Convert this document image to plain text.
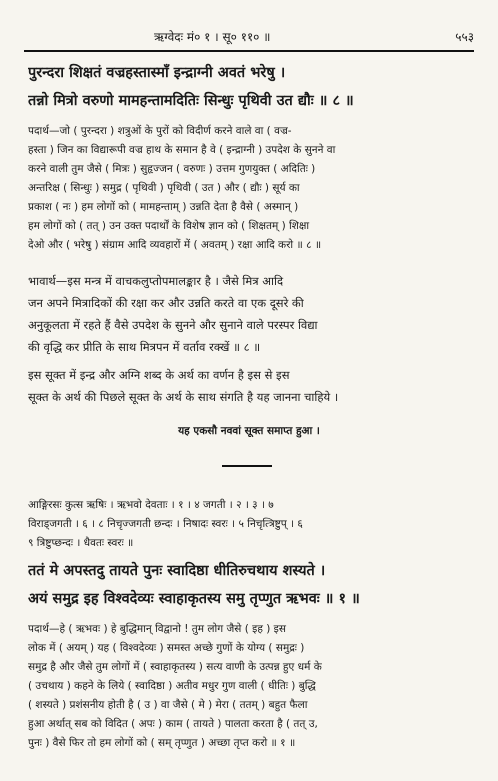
ऋग्वेदः मं० १ । सू० ११० ॥	५५३
पुरन्दरा शिक्षतं वज्रहस्तास्माँ इन्द्राग्नी अवतं भरेषु ।
तन्नो मित्रो वरुणो मामहन्तामदितिः सिन्धुः पृथिवी उत द्यौः ॥ ८ ॥
पदार्थ—जो ( पुरन्दरा ) शत्रुओं के पुरों को विदीर्ण करने वाले वा ( वज्र-
हस्ता ) जिन का विद्यारूपी वज्र हाथ के समान है वे ( इन्द्राग्नी ) उपदेश के सुनने वा
करने वाली तुम जैसे ( मित्रः ) सुहृज्जन ( वरुणः ) उत्तम गुणयुक्त ( अदितिः )
अन्तरिक्ष ( सिन्धुः ) समुद्र ( पृथिवी ) पृथिवी ( उत ) और ( द्यौः ) सूर्य का
प्रकाश ( नः ) हम लोगों को ( मामहन्ताम् ) उन्नति देता है वैसे ( अस्मान् )
हम लोगों को ( तत् ) उन उक्त पदार्थों के विशेष ज्ञान को ( शिक्षतम् ) शिक्षा
देओ और ( भरेषु ) संग्राम आदि व्यवहारों में ( अवतम् ) रक्षा आदि करो ॥ ८ ॥
भावार्थ—इस मन्त्र में वाचकलुप्तोपमालङ्कार है । जैसे मित्र आदि
जन अपने मित्रादिकों की रक्षा कर और उन्नति करते वा एक दूसरे की
अनुकूलता में रहते हैं वैसे उपदेश के सुनने और सुनाने वाले परस्पर विद्या
की वृद्धि कर प्रीति के साथ मित्रपन में वर्ताव रक्खें ॥ ८ ॥
इस सूक्त में इन्द्र और अग्नि शब्द के अर्थ का वर्णन है इस से इस
सूक्त के अर्थ की पिछले सूक्त के अर्थ के साथ संगति है यह जानना चाहिये ।
यह एकसौ नववां सूक्त समाप्त हुआ ।
आङ्गिरसः कुत्स ऋषिः । ऋभवो देवताः । १ । ४ जगती । २ । ३ । ७
विराड्जगती । ६ । ८ निचृज्जगती छन्दः । निषादः स्वरः । ५ निचृत्त्रिष्टुप् । ६
९ त्रिष्टुप्छन्दः । धैवतः स्वरः ॥
ततं मे अपस्तदु तायते पुनः स्वादिष्ठा धीतिरुचथाय शस्यते ।
अयं समुद्र इह विश्वदेव्यः स्वाहाकृतस्य समु तृप्णुत ऋभवः ॥ १ ॥
पदार्थ—हे ( ऋभवः ) हे बुद्धिमान् विद्वानो ! तुम लोग जैसे ( इह ) इस
लोक में ( अयम् ) यह ( विश्वदेव्यः ) समस्त अच्छे गुणों के योग्य ( समुद्रः )
समुद्र है और जैसे तुम लोगों में ( स्वाहाकृतस्य ) सत्य वाणी के उत्पन्न हुए धर्म के
( उचथाय ) कहने के लिये ( स्वादिष्ठा ) अतीव मधुर गुण वाली ( धीतिः ) बुद्धि
( शस्यते ) प्रशंसनीय होती है ( उ ) वा जैसे ( मे ) मेरा ( ततम् ) बहुत फैला
हुआ अर्थात् सब को विदित ( अपः ) काम ( तायते ) पालता करता है ( तत् उ,
पुनः ) वैसे फिर तो हम लोगों को ( सम् तृप्णुत ) अच्छा तृप्त करो ॥ १ ॥
